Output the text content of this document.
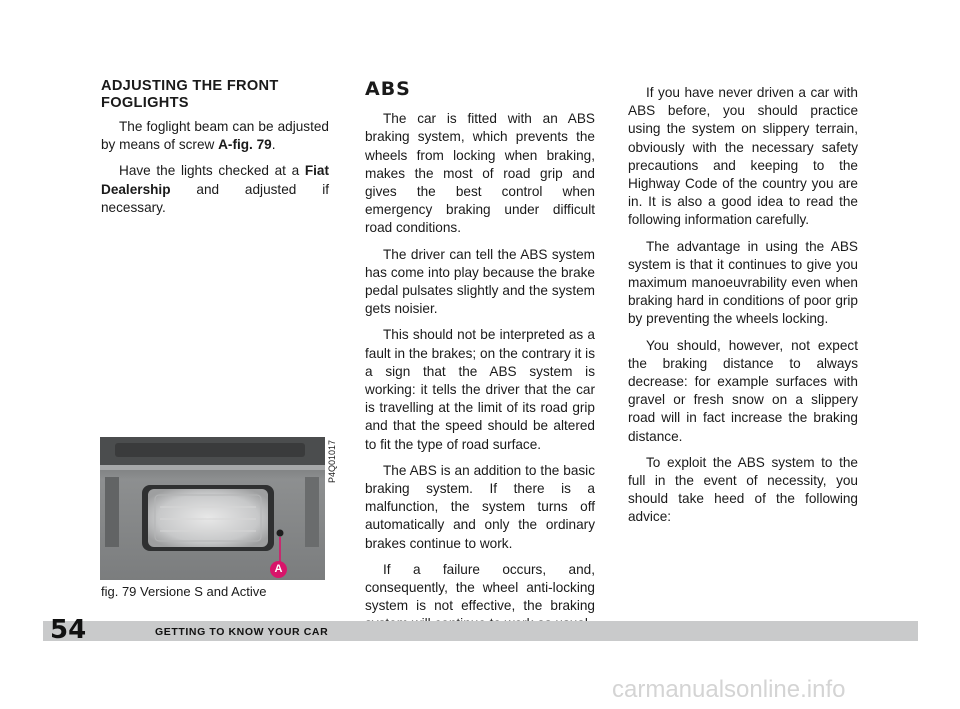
ADJUSTING THE FRONT FOGLIGHTS

The foglight beam can be adjusted by means of screw A-fig. 79.

Have the lights checked at a Fiat Dealership and adjusted if necessary.

A
P4Q01017
fig. 79 Versione S and Active
ABS

The car is fitted with an ABS braking system, which prevents the wheels from locking when braking, makes the most of road grip and gives the best control when emergency braking under difficult road conditions.

The driver can tell the ABS system has come into play because the brake pedal pulsates slightly and the system gets noisier.

This should not be interpreted as a fault in the brakes; on the contrary it is a sign that the ABS system is working: it tells the driver that the car is travelling at the limit of its road grip and that the speed should be altered to fit the type of road surface.

The ABS is an addition to the basic braking system. If there is a malfunction, the system turns off automatically and only the ordinary brakes continue to work.

If a failure occurs, and, consequently, the wheel anti-locking system is not effective, the braking

If you have never driven a car with ABS before, you should practice using the system on slippery terrain, obviously with the necessary safety precautions and keeping to the Highway Code of the country you are in. It is also a good idea to read the following information carefully.

The advantage in using the ABS system is that it continues to give you maximum manoeuvrability even when braking hard in conditions of poor grip by preventing the wheels locking.

You should, however, not expect the braking distance to always decrease: for example surfaces with gravel or fresh snow on a slippery road will in fact increase the braking distance.

To exploit the ABS system to the full in the event of necessity, you should take heed of the following advice:

54	GETTING TO KNOW YOUR CAR
carmanualsonline.info
